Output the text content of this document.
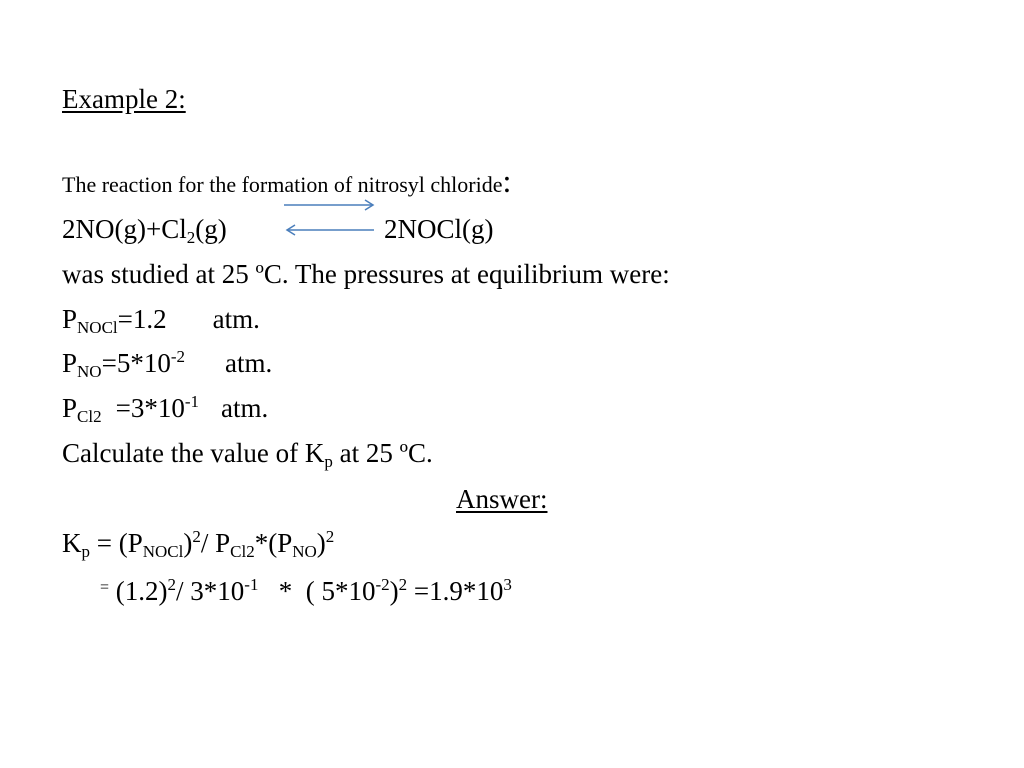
Example 2:
The reaction for the formation of nitrosyl chloride:
$2NO(g)+Cl_2(g)$	2NOCl(g)
was studied at 25 ºC. The pressures at equilibrium were:
$P_{NOCl}=1.2$ atm.
$P_{NO}=5*10^{-2}$ atm.
$P_{Cl2} =3*10^{-1}$ atm.
Calculate the value of $K_p$ at 25 ºC.
Answer:
$K_p = (P_{NOCl})^2/$ $P_{Cl2}*(P_{NO})^2$
= $(1.2)^2/$ $3*10^{-1}$   *  ( $5*10^{-2})^2 =1.9*10^3$
